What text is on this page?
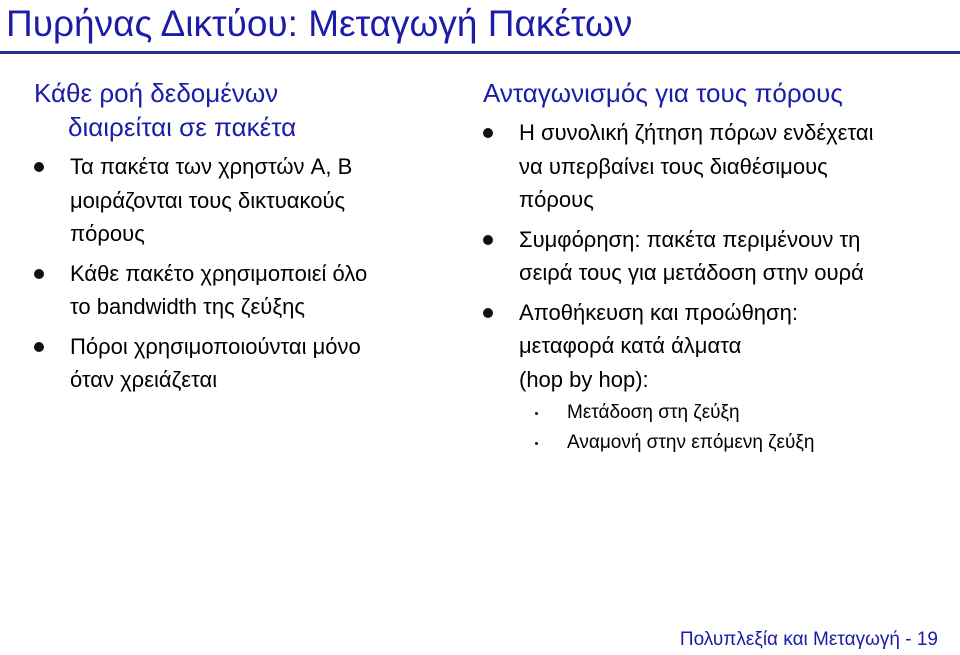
Πυρήνας Δικτύου: Μεταγωγή Πακέτων
Κάθε ροή δεδομένων
διαιρείται σε πακέτα
Τα πακέτα των χρηστών A, B
μοιράζονται τους δικτυακούς
πόρους
Κάθε πακέτο χρησιμοποιεί όλο
το bandwidth της ζεύξης
Πόροι χρησιμοποιούνται μόνο
όταν χρειάζεται
Ανταγωνισμός για τους πόρους
Η συνολική ζήτηση πόρων ενδέχεται
να υπερβαίνει τους διαθέσιμους
πόρους
Συμφόρηση: πακέτα περιμένουν τη
σειρά τους για μετάδοση στην ουρά
Αποθήκευση και προώθηση:
μεταφορά κατά άλματα
(hop by hop):
Μετάδοση στη ζεύξη
Αναμονή στην επόμενη ζεύξη
Πολυπλεξία και Μεταγωγή - 19
